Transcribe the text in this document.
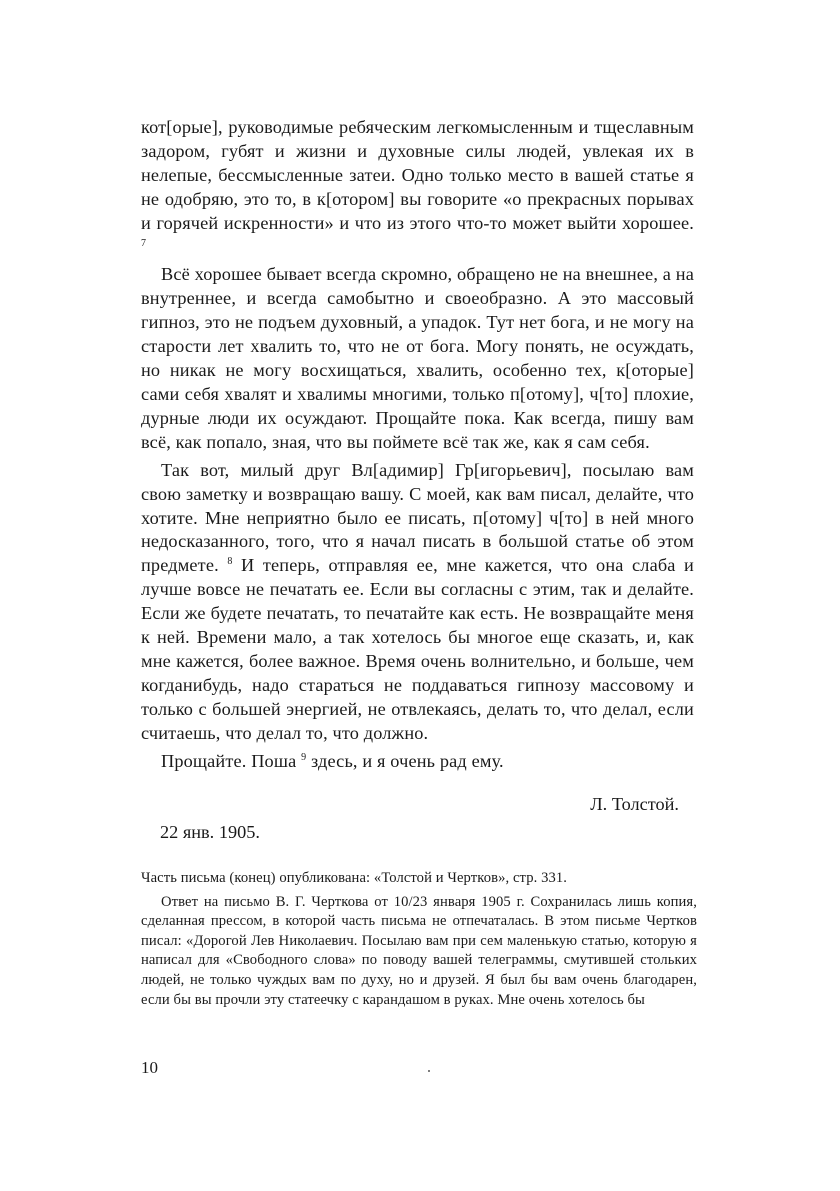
кот[орые], руководимые ребяческим легкомысленным и тщеславным задором, губят и жизни и духовные силы людей, увлекая их в нелепые, бессмысленные затеи. Одно только место в вашей статье я не одобряю, это то, в к[отором] вы говорите «о прекрасных порывах и горячей искренности» и что из этого что-то может выйти хорошее. $^7$

Всё хорошее бывает всегда скромно, обращено не на внешнее, а на внутреннее, и всегда самобытно и своеобразно. А это массовый гипноз, это не подъем духовный, а упадок. Тут нет бога, и не могу на старости лет хвалить то, что не от бога. Могу понять, не осуждать, но никак не могу восхищаться, хвалить, особенно тех, к[оторые] сами себя хвалят и хвалимы многими, только п[отому], ч[то] плохие, дурные люди их осуждают. Прощайте пока. Как всегда, пишу вам всё, как попало, зная, что вы поймете всё так же, как я сам себя.

Так вот, милый друг Вл[адимир] Гр[игорьевич], посылаю вам свою заметку и возвращаю вашу. С моей, как вам писал, делайте, что хотите. Мне неприятно было ее писать, п[отому] ч[то] в ней много недосказанного, того, что я начал писать в большой статье об этом предмете. $^8$ И теперь, отправляя ее, мне кажется, что она слаба и лучше вовсе не печатать ее. Если вы согласны с этим, так и делайте. Если же будете печатать, то печатайте как есть. Не возвращайте меня к ней. Времени мало, а так хотелось бы многое еще сказать, и, как мне кажется, более важное. Время очень волнительно, и больше, чем когданибудь, надо стараться не поддаваться гипнозу массовому и только с большей энергией, не отвлекаясь, делать то, что делал, если считаешь, что делал то, что должно.

Прощайте. Поша $^9$ здесь, и я очень рад ему.

Л. Толстой.
22 янв. 1905.

Часть письма (конец) опубликована: «Толстой и Чертков», стр. 331.

Ответ на письмо В. Г. Черткова от 10/23 января 1905 г. Сохранилась лишь копия, сделанная прессом, в которой часть письма не отпечаталась. В этом письме Чертков писал: «Дорогой Лев Николаевич. Посылаю вам при сем маленькую статью, которую я написал для «Свободного слова» по поводу вашей телеграммы, смутившей стольких людей, не только чуждых вам по духу, но и друзей. Я был бы вам очень благодарен, если бы вы прочли эту статеечку с карандашом в руках. Мне очень хотелось бы

10
